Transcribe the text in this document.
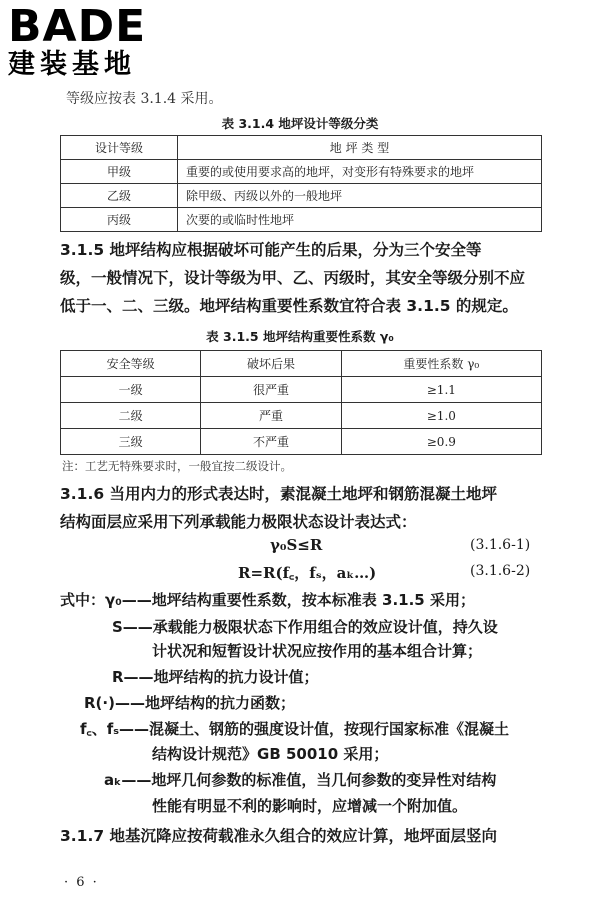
BADE
建装基地
等级应按表 3.1.4 采用。
表 3.1.4 地坪设计等级分类
设计等级	地 坪 类 型
甲级	重要的或使用要求高的地坪，对变形有特殊要求的地坪
乙级	除甲级、丙级以外的一般地坪
丙级	次要的或临时性地坪
3.1.5 地坪结构应根据破坏可能产生的后果，分为三个安全等
级，一般情况下，设计等级为甲、乙、丙级时，其安全等级分别不应
低于一、二、三级。地坪结构重要性系数宜符合表 3.1.5 的规定。
表 3.1.5 地坪结构重要性系数 γ₀
安全等级	破坏后果	重要性系数 γ₀
一级	很严重	≥1.1
二级	严重	≥1.0
三级	不严重	≥0.9
注：工艺无特殊要求时，一般宜按二级设计。
3.1.6 当用内力的形式表达时，素混凝土地坪和钢筋混凝土地坪
结构面层应采用下列承载能力极限状态设计表达式：
γ₀S≤R	(3.1.6-1)
R=R(f꜀，fₛ，aₖ…)	(3.1.6-2)
式中：γ₀——地坪结构重要性系数，按本标准表 3.1.5 采用；
S——承载能力极限状态下作用组合的效应设计值，持久设
计状况和短暂设计状况应按作用的基本组合计算；
R——地坪结构的抗力设计值；
R(·)——地坪结构的抗力函数；
f꜀、fₛ——混凝土、钢筋的强度设计值，按现行国家标准《混凝土
结构设计规范》GB 50010 采用；
aₖ——地坪几何参数的标准值，当几何参数的变异性对结构
性能有明显不利的影响时，应增减一个附加值。
3.1.7 地基沉降应按荷载准永久组合的效应计算，地坪面层竖向
· 6 ·
